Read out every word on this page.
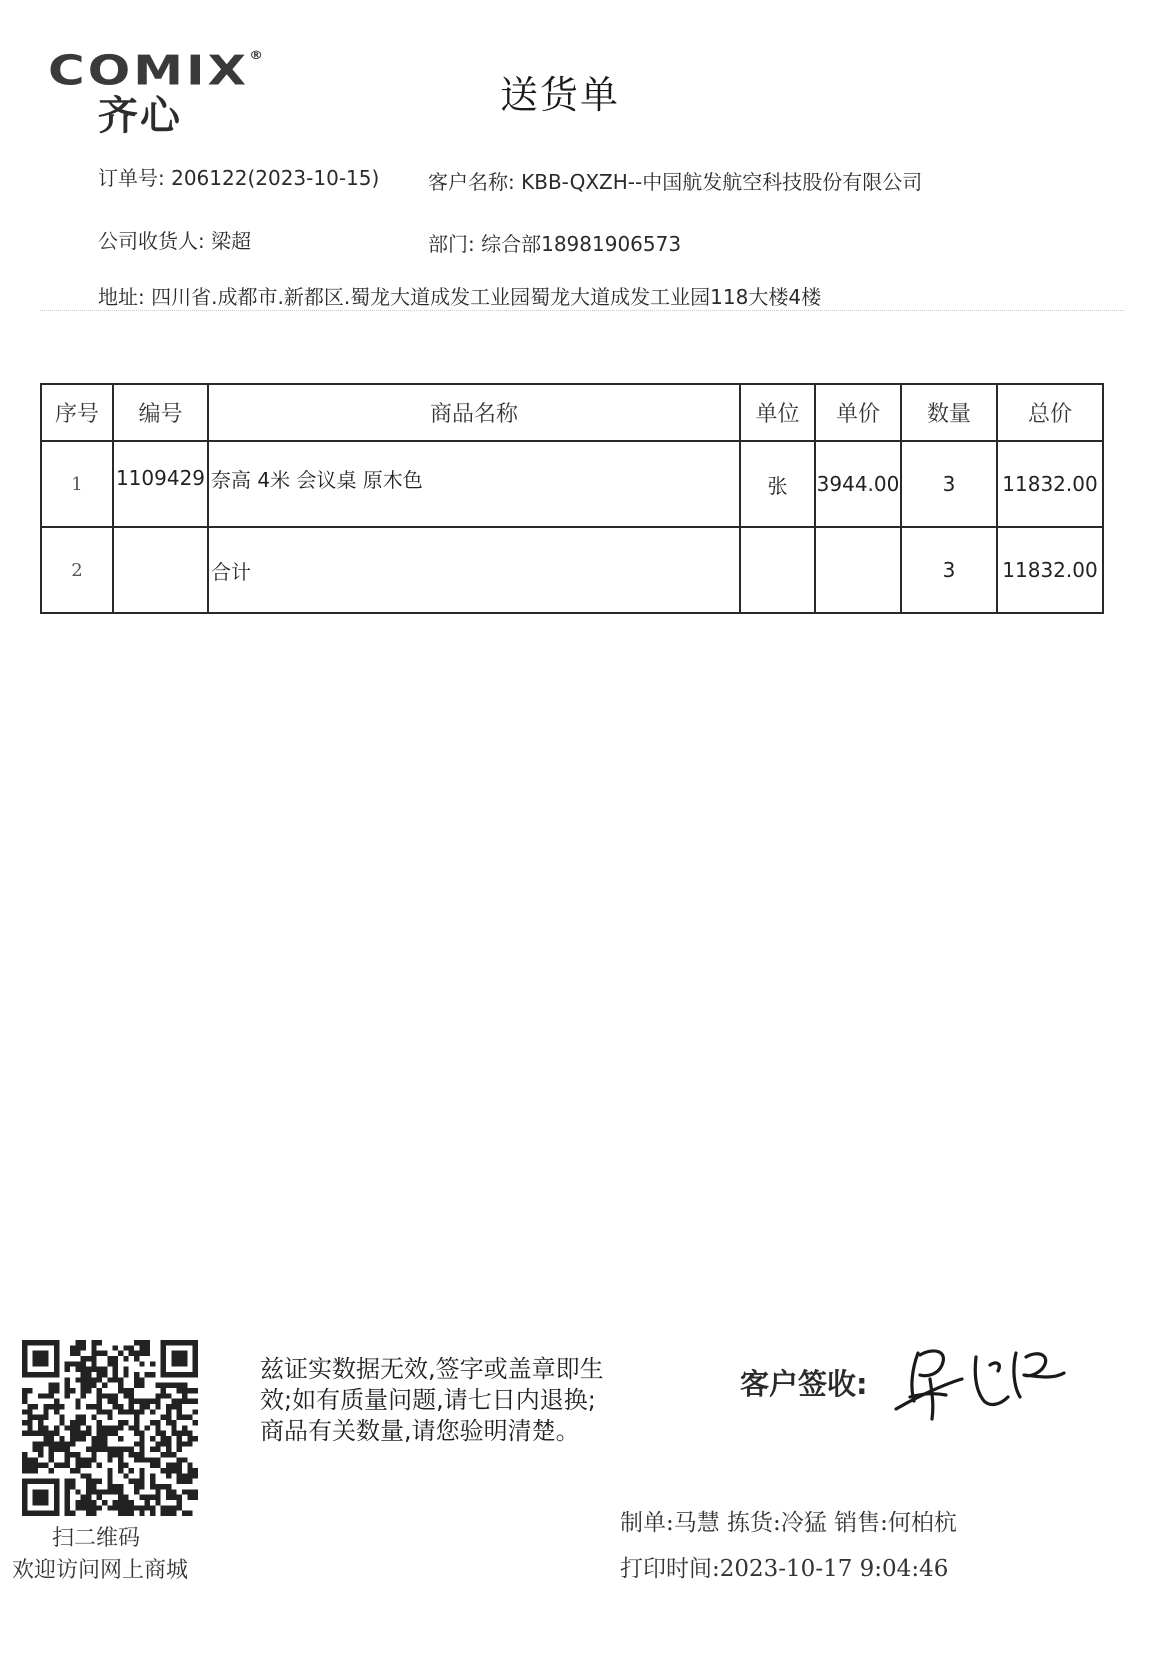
COMIX®
齐心	送货单
订单号: 206122(2023-10-15) 客户名称: KBB-QXZH--中国航发航空科技股份有限公司
公司收货人: 梁超	部门: 综合部18981906573
地址: 四川省.成都市.新都区.蜀龙大道成发工业园蜀龙大道成发工业园118大楼4楼
序号	编号	商品名称	单位	单价	数量	总价
1	1109429	奈高 4米 会议桌 原木色	张	3944.00	3	11832.00
2		合计			3	11832.00
扫二维码
欢迎访问网上商城
兹证实数据无效,签字或盖章即生
效;如有质量问题,请七日内退换;
商品有关数量,请您验明清楚。
客户签收:
制单:马慧 拣货:冷猛 销售:何柏杭
打印时间:2023-10-17 9:04:46
